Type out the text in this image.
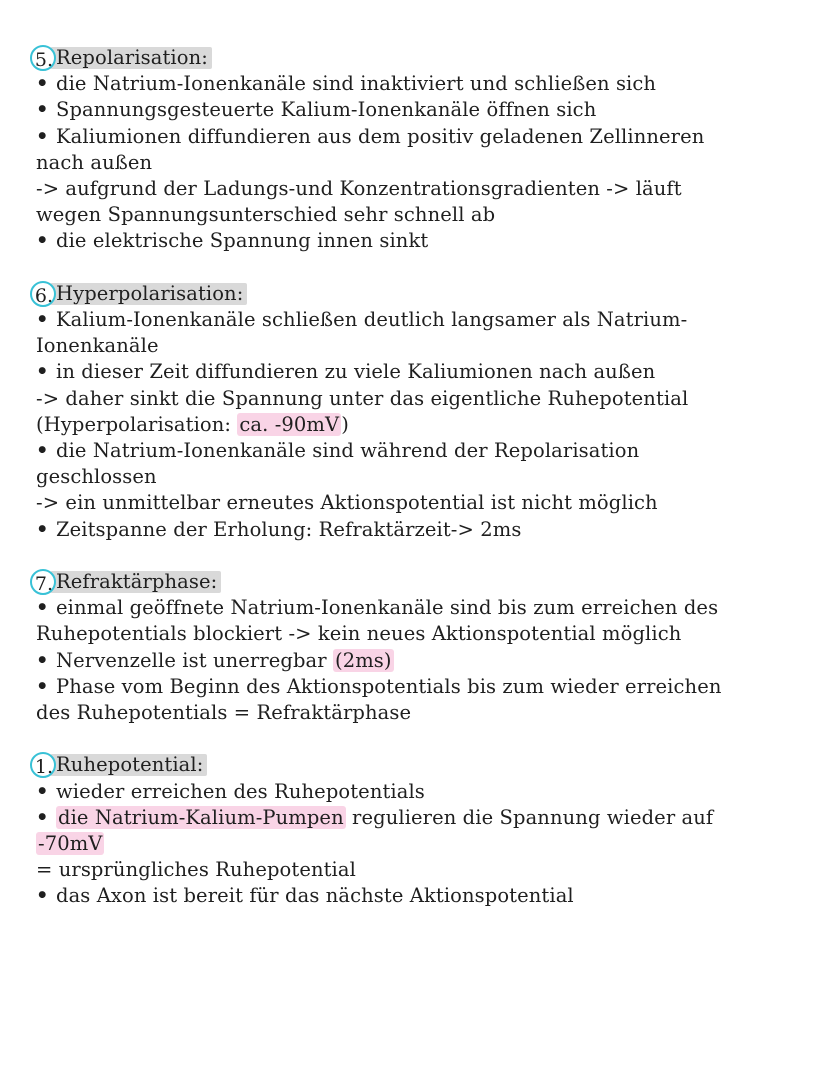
5. Repolarisation:
• die Natrium-Ionenkanäle sind inaktiviert und schließen sich
• Spannungsgesteuerte Kalium-Ionenkanäle öffnen sich
• Kaliumionen diffundieren aus dem positiv geladenen Zellinneren
nach außen
-> aufgrund der Ladungs-und Konzentrationsgradienten -> läuft
wegen Spannungsunterschied sehr schnell ab
• die elektrische Spannung innen sinkt
6. Hyperpolarisation:
• Kalium-Ionenkanäle schließen deutlich langsamer als Natrium-
Ionenkanäle
• in dieser Zeit diffundieren zu viele Kaliumionen nach außen
-> daher sinkt die Spannung unter das eigentliche Ruhepotential
(Hyperpolarisation: ca. -90mV )
• die Natrium-Ionenkanäle sind während der Repolarisation
geschlossen
-> ein unmittelbar erneutes Aktionspotential ist nicht möglich
• Zeitspanne der Erholung: Refraktärzeit-> 2ms
7. Refraktärphase:
• einmal geöffnete Natrium-Ionenkanäle sind bis zum erreichen des
Ruhepotentials blockiert -> kein neues Aktionspotential möglich
• Nervenzelle ist unerregbar (2ms)
• Phase vom Beginn des Aktionspotentials bis zum wieder erreichen
des Ruhepotentials = Refraktärphase
1. Ruhepotential:
• wieder erreichen des Ruhepotentials
• die Natrium-Kalium-Pumpen regulieren die Spannung wieder auf
-70mV
= ursprüngliches Ruhepotential
• das Axon ist bereit für das nächste Aktionspotential
